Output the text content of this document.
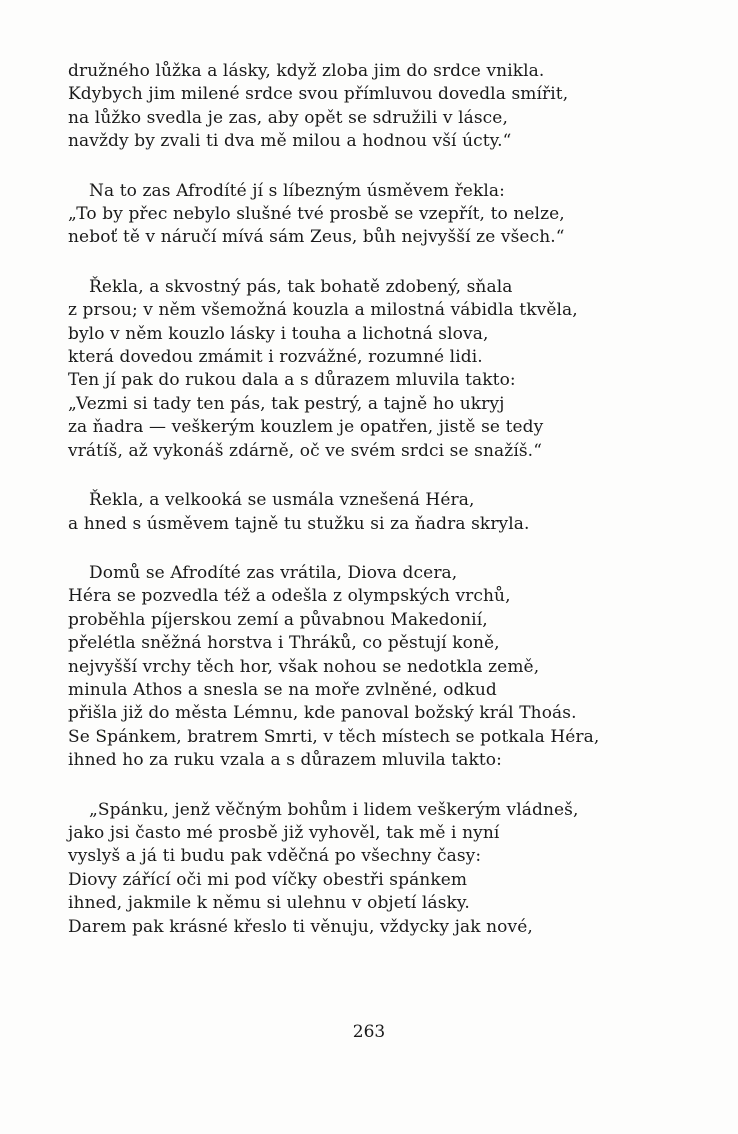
družného lůžka a lásky, když zloba jim do srdce vnikla.
Kdybych jim milené srdce svou přímluvou dovedla smířit,
na lůžko svedla je zas, aby opět se sdružili v lásce,
navždy by zvali ti dva mě milou a hodnou vší úcty.“
Na to zas Afrodíté jí s líbezným úsměvem řekla:
„To by přec nebylo slušné tvé prosbě se vzepřít, to nelze,
neboť tě v náručí mívá sám Zeus, bůh nejvyšší ze všech.“
Řekla, a skvostný pás, tak bohatě zdobený, sňala
z prsou; v něm všemožná kouzla a milostná vábidla tkvěla,
bylo v něm kouzlo lásky i touha a lichotná slova,
která dovedou zmámit i rozvážné, rozumné lidi.
Ten jí pak do rukou dala a s důrazem mluvila takto:
„Vezmi si tady ten pás, tak pestrý, a tajně ho ukryj
za ňadra — veškerým kouzlem je opatřen, jistě se tedy
vrátíš, až vykonáš zdárně, oč ve svém srdci se snažíš.“
Řekla, a velkooká se usmála vznešená Héra,
a hned s úsměvem tajně tu stužku si za ňadra skryla.
Domů se Afrodíté zas vrátila, Diova dcera,
Héra se pozvedla též a odešla z olympských vrchů,
proběhla píjerskou zemí a půvabnou Makedonií,
přelétla sněžná horstva i Thráků, co pěstují koně,
nejvyšší vrchy těch hor, však nohou se nedotkla země,
minula Athos a snesla se na moře zvlněné, odkud
přišla již do města Lémnu, kde panoval božský král Thoás.
Se Spánkem, bratrem Smrti, v těch místech se potkala Héra,
ihned ho za ruku vzala a s důrazem mluvila takto:
„Spánku, jenž věčným bohům i lidem veškerým vládneš,
jako jsi často mé prosbě již vyhověl, tak mě i nyní
vyslyš a já ti budu pak vděčná po všechny časy:
Diovy zářící oči mi pod víčky obestři spánkem
ihned, jakmile k němu si ulehnu v objetí lásky.
Darem pak krásné křeslo ti věnuju, vždycky jak nové,
263
